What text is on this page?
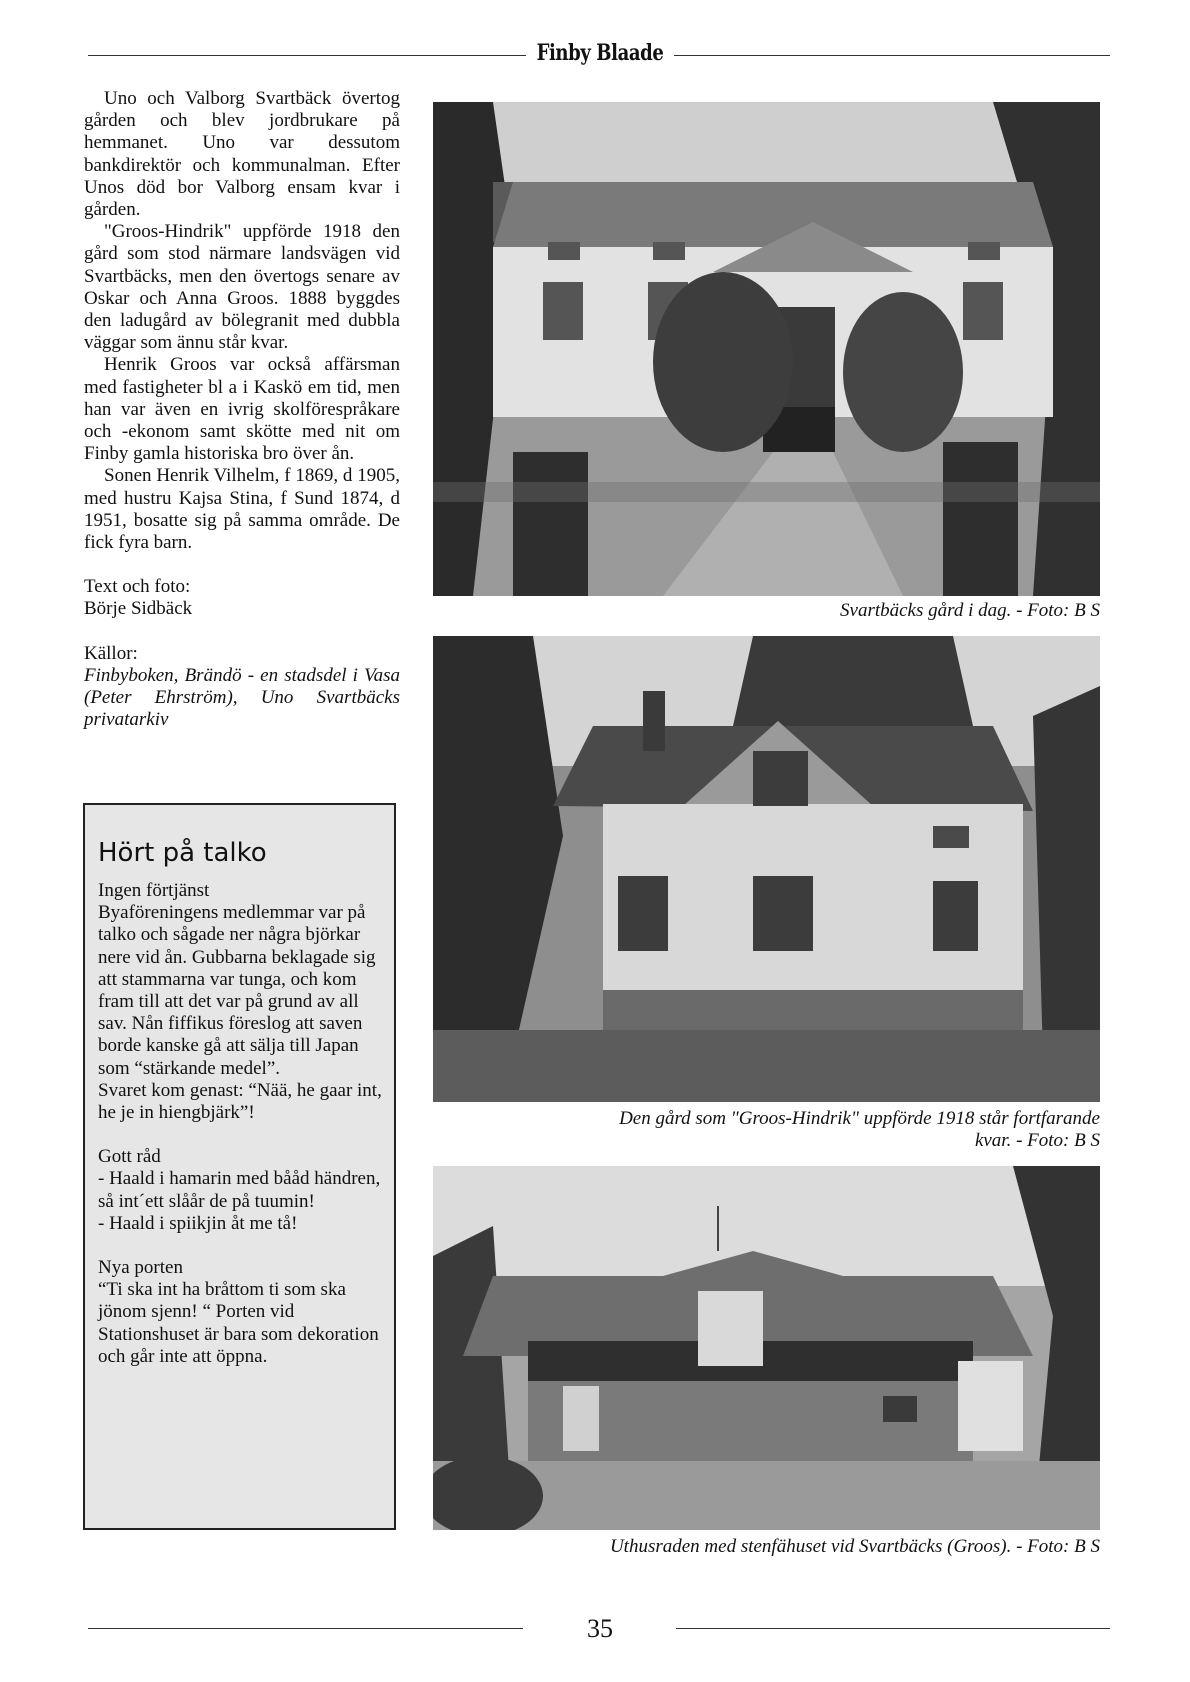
Finby Blaade

Uno och Valborg Svartbäck övertog gården och blev jordbrukare på hemmanet. Uno var dessutom bankdirektör och kommunalman. Efter Unos död bor Valborg ensam kvar i gården.

"Groos-Hindrik" uppförde 1918 den gård som stod närmare landsvägen vid Svartbäcks, men den övertogs senare av Oskar och Anna Groos. 1888 byggdes den ladugård av bölegranit med dubbla väggar som ännu står kvar.

Henrik Groos var också affärsman med fastigheter bl a i Kaskö em tid, men han var även en ivrig skolförespråkare och -ekonom samt skötte med nit om Finby gamla historiska bro över ån.

Sonen Henrik Vilhelm, f 1869, d 1905, med hustru Kajsa Stina, f Sund 1874, d 1951, bosatte sig på samma område. De fick fyra barn.

Text och foto:

Börje Sidbäck

Källor:

Finbyboken, Brändö - en stadsdel i Vasa (Peter Ehrström), Uno Svartbäcks privatarkiv

Hört på talko
Ingen förtjänst
Byaföreningens medlemmar var på talko och sågade ner några björkar nere vid ån. Gubbarna beklagade sig att stammarna var tunga, och kom fram till att det var på grund av all sav. Nån fiffikus föreslog att saven borde kanske gå att sälja till Japan som “stärkande medel”.
Svaret kom genast: “Nää, he gaar int, he je in hiengbjärk”!
Gott råd
- Haald i hamarin med bååd händren, så int´ett slåår de på tuumin!
- Haald i spiikjin åt me tå!
Nya porten
“Ti ska int ha bråttom ti som ska jönom sjenn! “ Porten vid Stationshuset är bara som dekoration och går inte att öppna.
Svartbäcks gård i dag. - Foto: B S
Den gård som "Groos-Hindrik" uppförde 1918 står fortfarande kvar. - Foto: B S
Uthusraden med stenfähuset vid Svartbäcks (Groos). - Foto: B S
35
